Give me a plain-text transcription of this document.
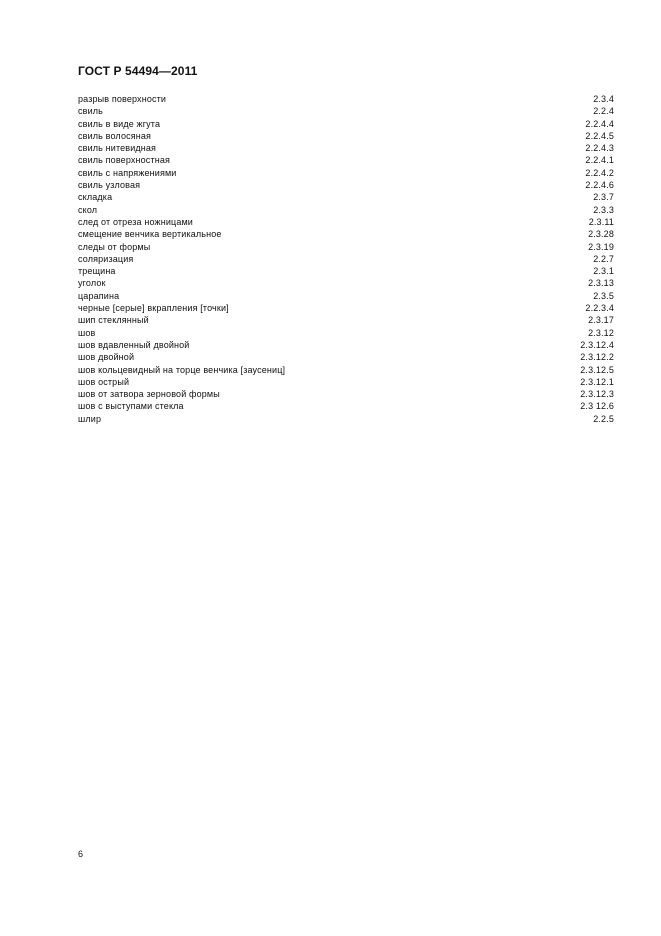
ГОСТ Р 54494—2011
разрыв поверхности	2.3.4
свиль	2.2.4
свиль в виде жгута	2.2.4.4
свиль волосяная	2.2.4.5
свиль нитевидная	2.2.4.3
свиль поверхностная	2.2.4.1
свиль с напряжениями	2.2.4.2
свиль узловая	2.2.4.6
складка	2.3.7
скол	2.3.3
след от отреза ножницами	2.3.11
смещение венчика вертикальное	2.3.28
следы от формы	2.3.19
соляризация	2.2.7
трещина	2.3.1
уголок	2.3.13
царапина	2.3.5
черные [серые] вкрапления [точки]	2.2.3.4
шип стеклянный	2.3.17
шов	2.3.12
шов вдавленный двойной	2.3.12.4
шов двойной	2.3.12.2
шов кольцевидный на торце венчика [заусениц]	2.3.12.5
шов острый	2.3.12.1
шов от затвора зерновой формы	2.3.12.3
шов с выступами стекла	2.3 12.6
шлир	2.2.5
6
